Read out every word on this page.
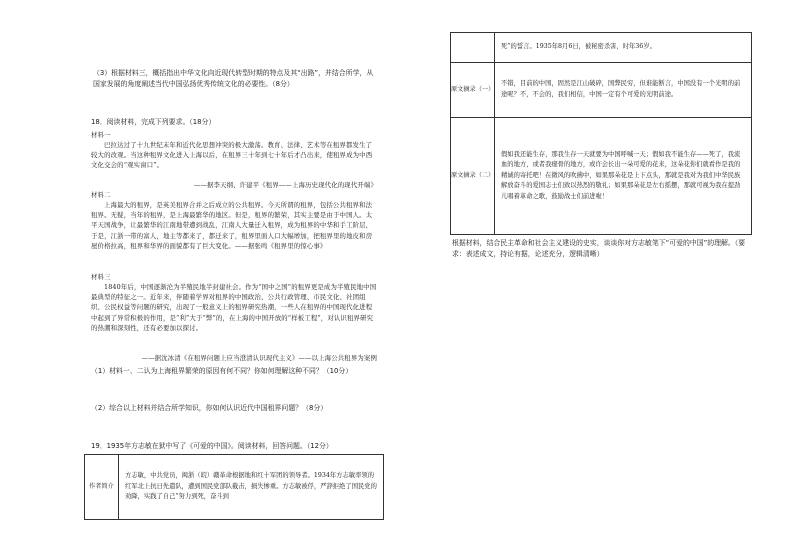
（3）根据材料三，概括指出中华文化向近现代转型时期的特点及其“出路”，并结合所学，从国家发展的角度阐述当代中国弘扬优秀传统文化的必要性。（8分）
18．阅读材料，完成下列要求。（18分）
材料一
巴拉达过了十九世纪末年和近代化思想冲突的极大激荡。教育、法律、艺术等在租界都发生了较大的改观。当这种租界文化进入上海以后，在租界三十年到七十年后才凸出来，使租界成为中西文化交会的“观实窗口”。
——据李天纲、许建平《租界——上海历史现代化的现代开端》
材料二
上海最大的租界，是英美租界合并之后成立的公共租界。今天所谓的租界，包括公共租界和法租界。无疑，当年的租界，是上海最繁华的地区。但是，租界的繁荣，其实主要是由于中国人。太平天国战争，让最繁华的江南地带遭到战乱，江南人大量迁入租界，成为租界的中华和手工阶层，于是，江浙一带的富人，地主等都来了，都迁来了，租界里面人口大幅增加，把租界里的地皮和房屋价格拉高，租界和华界的面貌都有了巨大变化。——据张鸣《租界里的惊心事》
材料三
1840年后，中国逐渐沦为半殖民地半封建社会。作为“国中之国”的租界更是成为半殖民地中国最典型的特征之一。近年来，伴随着学界对租界的中国政治、公共行政管理、市民文化、社团组织、公民权益等问题的研究，出现了一般意义上的租界研究热潮，一些人在租界的中国现代化进程中起到了异常积极的作用，是“利”大于“弊”的，在上海的中国开放的“样板工程”，对认识租界研究的热潮和深刻性，还有必要加以探讨。
——据沈冰清《在租界问题上应当澄清认识现代主义》——以上海公共租界为案例
（1）材料一、二认为上海租界繁荣的原因有何不同？你如何理解这种不同？（10分）
（2）综合以上材料并结合所学知识，你如何认识近代中国租界问题？（8分）
19．1935年方志敏在狱中写了《可爱的中国》。阅读材料，回答问题。（12分）
作者简介	方志敏，中共党员，闽浙（皖）赣革命根据地和红十军团的领导者。1934年方志敏率领的红军北上抗日先遣队，遭到国民党部队截击，损失惨重。方志敏被俘，严辞拒绝了国民党的劝降，实践了自己“努力到死，奋斗到
	死”的誓言。1935年8月6日，被秘密杀害，时年36岁。
原文摘录（一）	不错，目前的中国，固然是江山破碎，国弊民穷，但谁能断言，中国没有一个光明的前途呢？不，不会的，我们相信，中国一定有个可爱的光明前途。
原文摘录（二）	假如我还能生存，那我生存一天就要为中国呼喊一天；假如我不能生存——死了，我流血的地方，或者我瘗骨的地方，或许会长出一朵可爱的花来，这朵花你们就看作是我的精诚的寄托吧！在微风的吹拂中，如果那朵花是上下点头，那就是我对为我们中华民族解放奋斗的爱国志士们致以热烈的敬礼；如果那朵花是左右摇摆，那就可视为我在提劲儿唱着革命之歌，鼓励战士们前进啦！
根据材料，结合民主革命和社会主义建设的史实，谈谈你对方志敏笔下“可爱的中国”的理解。（要求：表述成文，持论有据，论述充分，逻辑清晰）
